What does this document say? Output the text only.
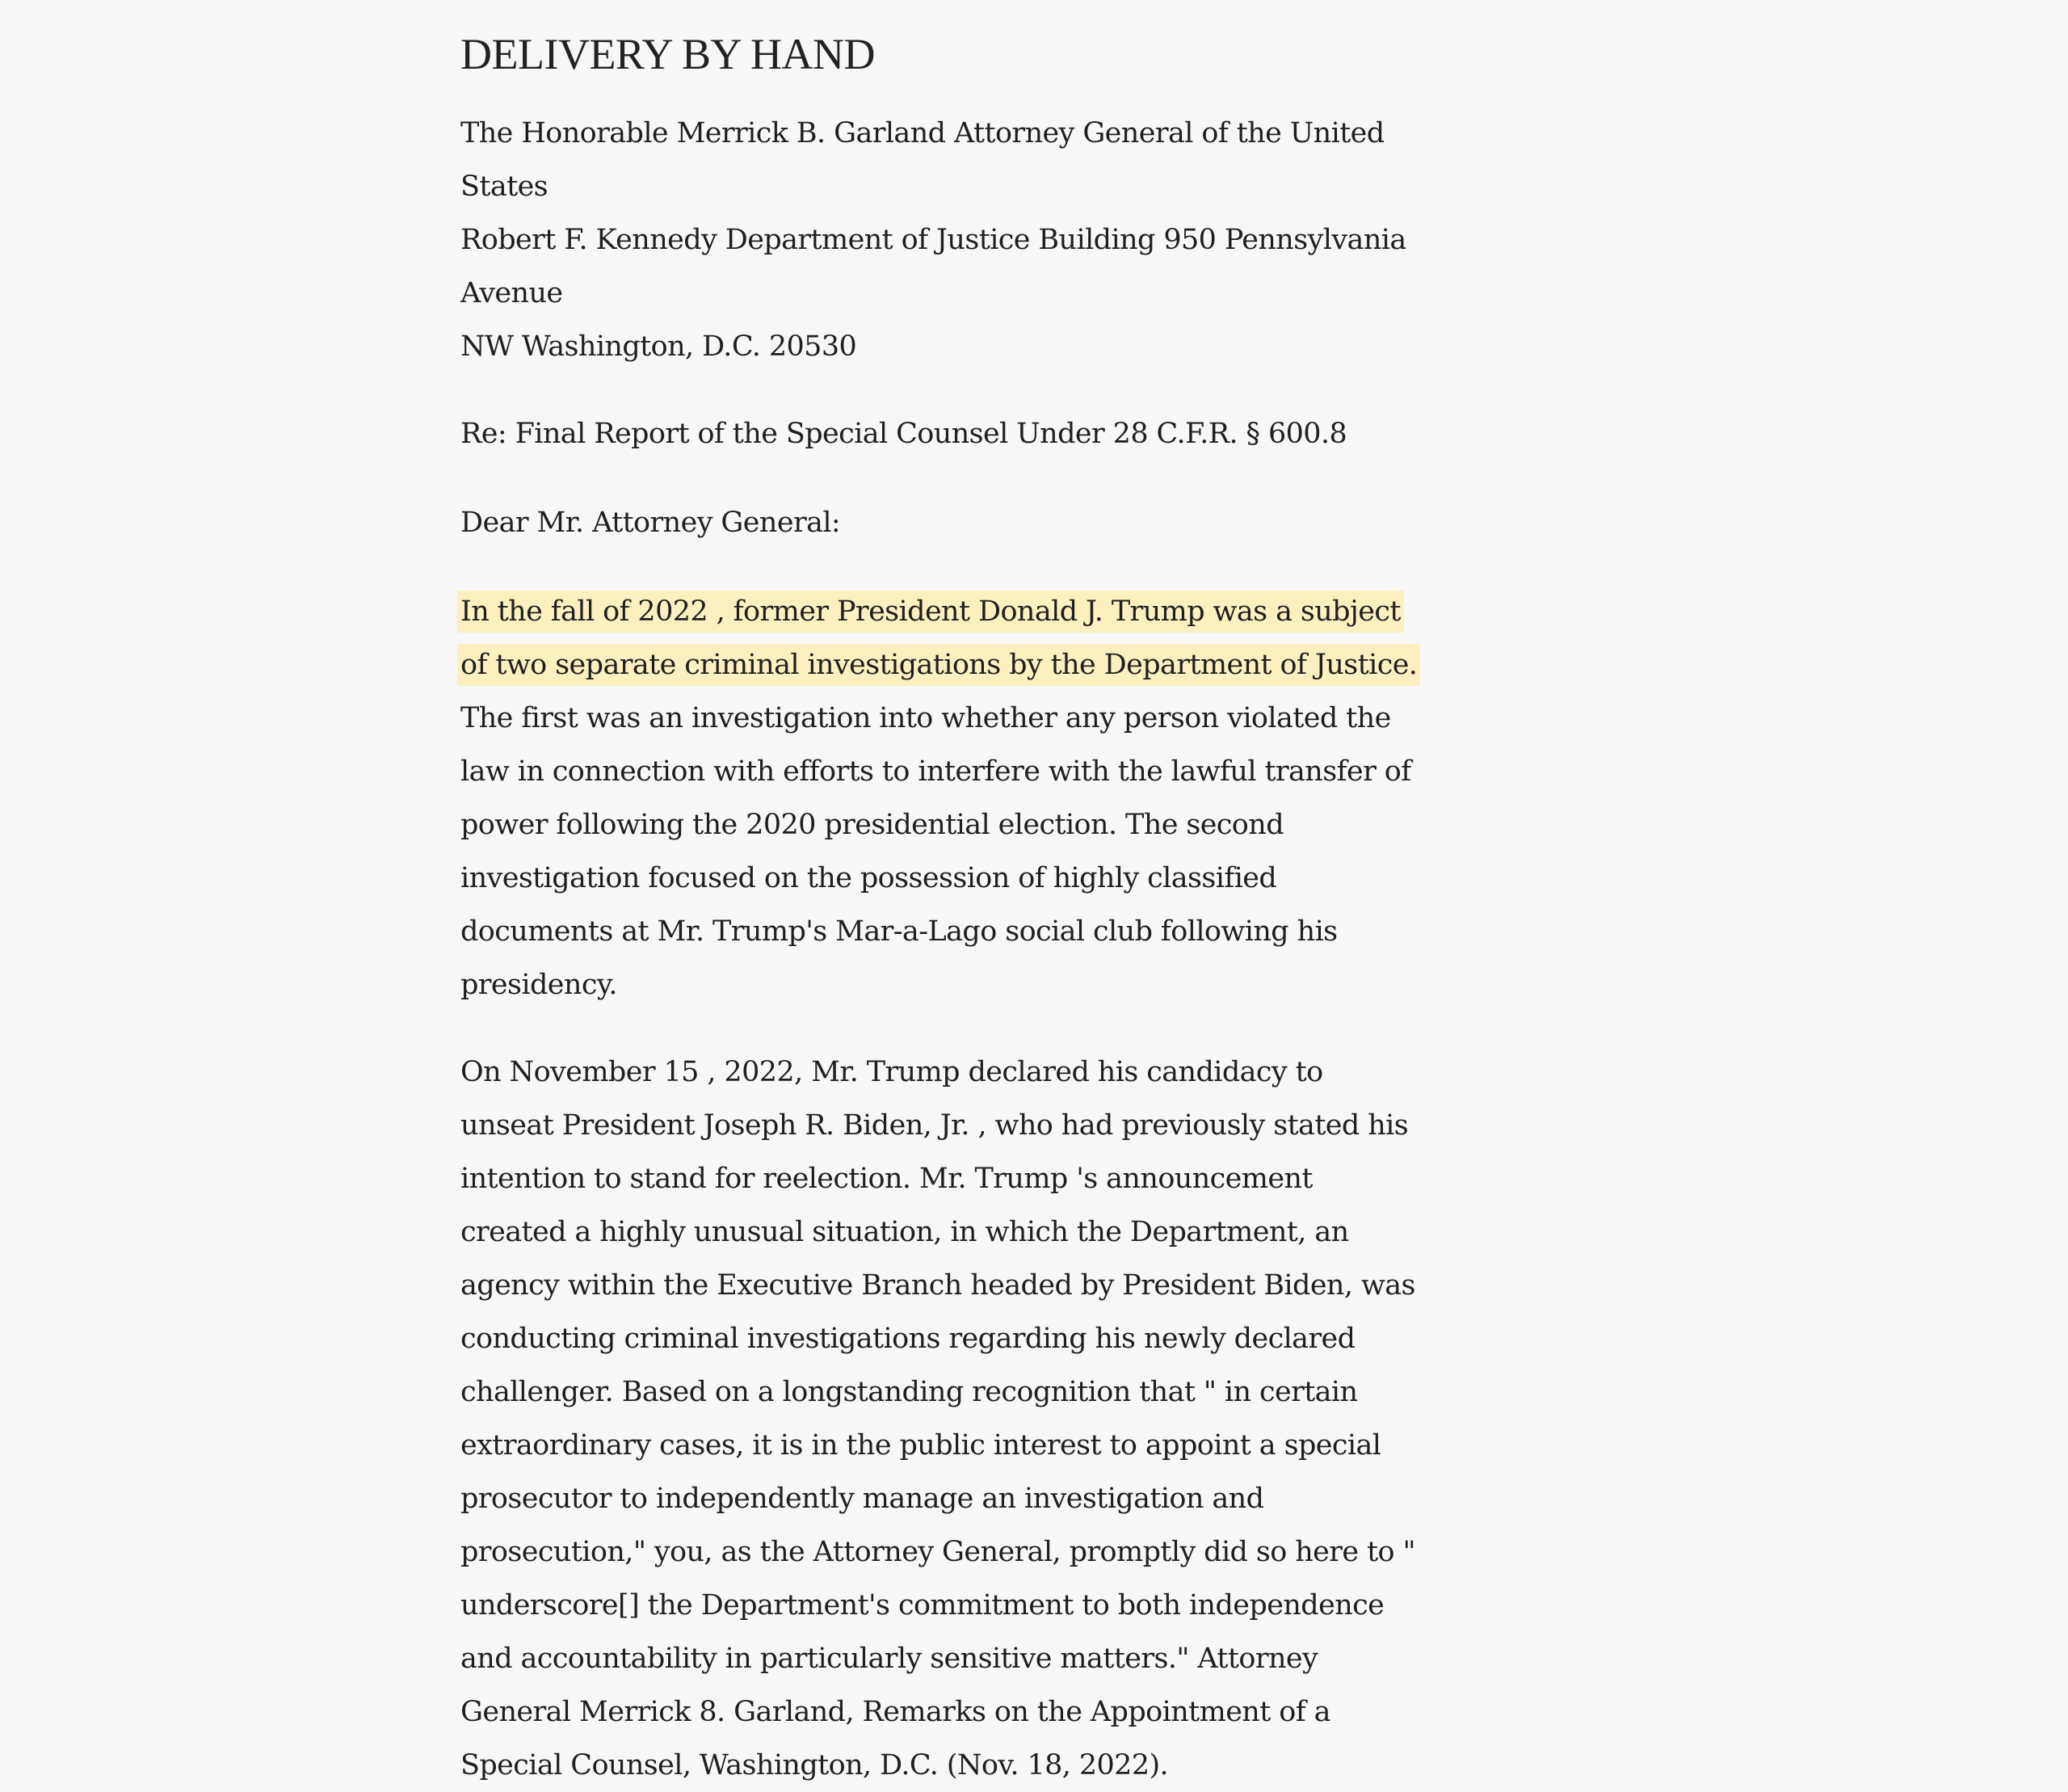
DELIVERY BY HAND
The Honorable Merrick B. Garland Attorney General of the United States
Robert F. Kennedy Department of Justice Building 950 Pennsylvania Avenue
NW Washington, D.C. 20530

Re: Final Report of the Special Counsel Under 28 C.F.R. § 600.8

Dear Mr. Attorney General:

In the fall of 2022 , former President Donald J. Trump was a subject of two separate criminal investigations by the Department of Justice. The first was an investigation into whether any person violated the law in connection with efforts to interfere with the lawful transfer of power following the 2020 presidential election. The second investigation focused on the possession of highly classified documents at Mr. Trump's Mar-a-Lago social club following his presidency.

On November 15 , 2022, Mr. Trump declared his candidacy to unseat President Joseph R. Biden, Jr. , who had previously stated his intention to stand for reelection. Mr. Trump 's announcement created a highly unusual situation, in which the Department, an agency within the Executive Branch headed by President Biden, was conducting criminal investigations regarding his newly declared challenger. Based on a longstanding recognition that " in certain extraordinary cases, it is in the public interest to appoint a special prosecutor to independently manage an investigation and prosecution," you, as the Attorney General, promptly did so here to " underscore[] the Department's commitment to both independence and accountability in particularly sensitive matters." Attorney General Merrick 8. Garland, Remarks on the Appointment of a Special Counsel, Washington, D.C. (Nov. 18, 2022).
